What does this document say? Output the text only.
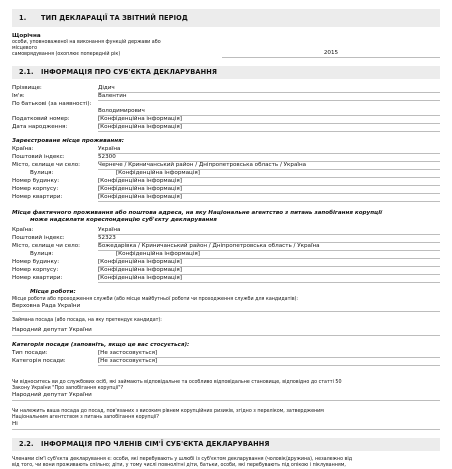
1.	ТИП ДЕКЛАРАЦІЇ ТА ЗВІТНИЙ ПЕРІОД
Щорічна
особи, уповноваженої на виконання функцій держави або місцевого
самоврядування (охоплює попередній рік)	2015
2.1.	ІНФОРМАЦІЯ ПРО СУБ'ЄКТА ДЕКЛАРУВАННЯ
Прізвище:	Дідич
Ім'я:	Валентин
По батькові (за наявності):
Володимирович
Податковий номер:	[Конфіденційна інформація]
Дата народження:	[Конфіденційна інформація]
Зареєстроване місце проживання:
Країна:	Україна
Поштовий індекс:	52300
Місто, селище чи село:	Чернече / Криничанський район / Дніпропетровська область / Україна
Вулиця:	[Конфіденційна інформація]
Номер будинку:	[Конфіденційна інформація]
Номер корпусу:	[Конфіденційна інформація]
Номер квартири:	[Конфіденційна інформація]
Місце фактичного проживання або поштова адреса, на яку Національне агентство з питань запобігання корупції
може надсилати кореспонденцію суб'єкту декларування
Країна:	Україна
Поштовий індекс:	52323
Місто, селище чи село:	Божедарівка / Криничанський район / Дніпропетровська область / Україна
Вулиця:	[Конфіденційна інформація]
Номер будинку:	[Конфіденційна інформація]
Номер корпусу:	[Конфіденційна інформація]
Номер квартири:	[Конфіденційна інформація]
Місце роботи:
Місце роботи або проходження служби (або місце майбутньої роботи чи проходження служби для кандидатів):
Верховна Рада України
Займана посада (або посада, на яку претендує кандидат):
Народний депутат України
Категорія посади (заповніть, якщо це вас стосується):
Тип посади:	[Не застосовується]
Категорія посади:	[Не застосовується]
Чи відноситесь ви до службових осіб, які займають відповідальне та особливо відповідальне становище, відповідно до статті 50
Закону України "Про запобігання корупції"?
Народний депутат України
Чи належить ваша посада до посад, пов'язаних з високим рівнем корупційних ризиків, згідно з переліком, затвердженим
Національним агентством з питань запобігання корупції?
Ні
2.2.	ІНФОРМАЦІЯ ПРО ЧЛЕНІВ СІМ'Ї СУБ'ЄКТА ДЕКЛАРУВАННЯ
Членами сім'ї суб'єкта декларування є: особи, які перебувають у шлюбі із суб'єктом декларування (чоловік/дружина), незалежно від
від того, чи вони проживають спільно; діти, у тому числі повнолітні діти, батьки, особи, які перебувають під опікою і піклуванням,
